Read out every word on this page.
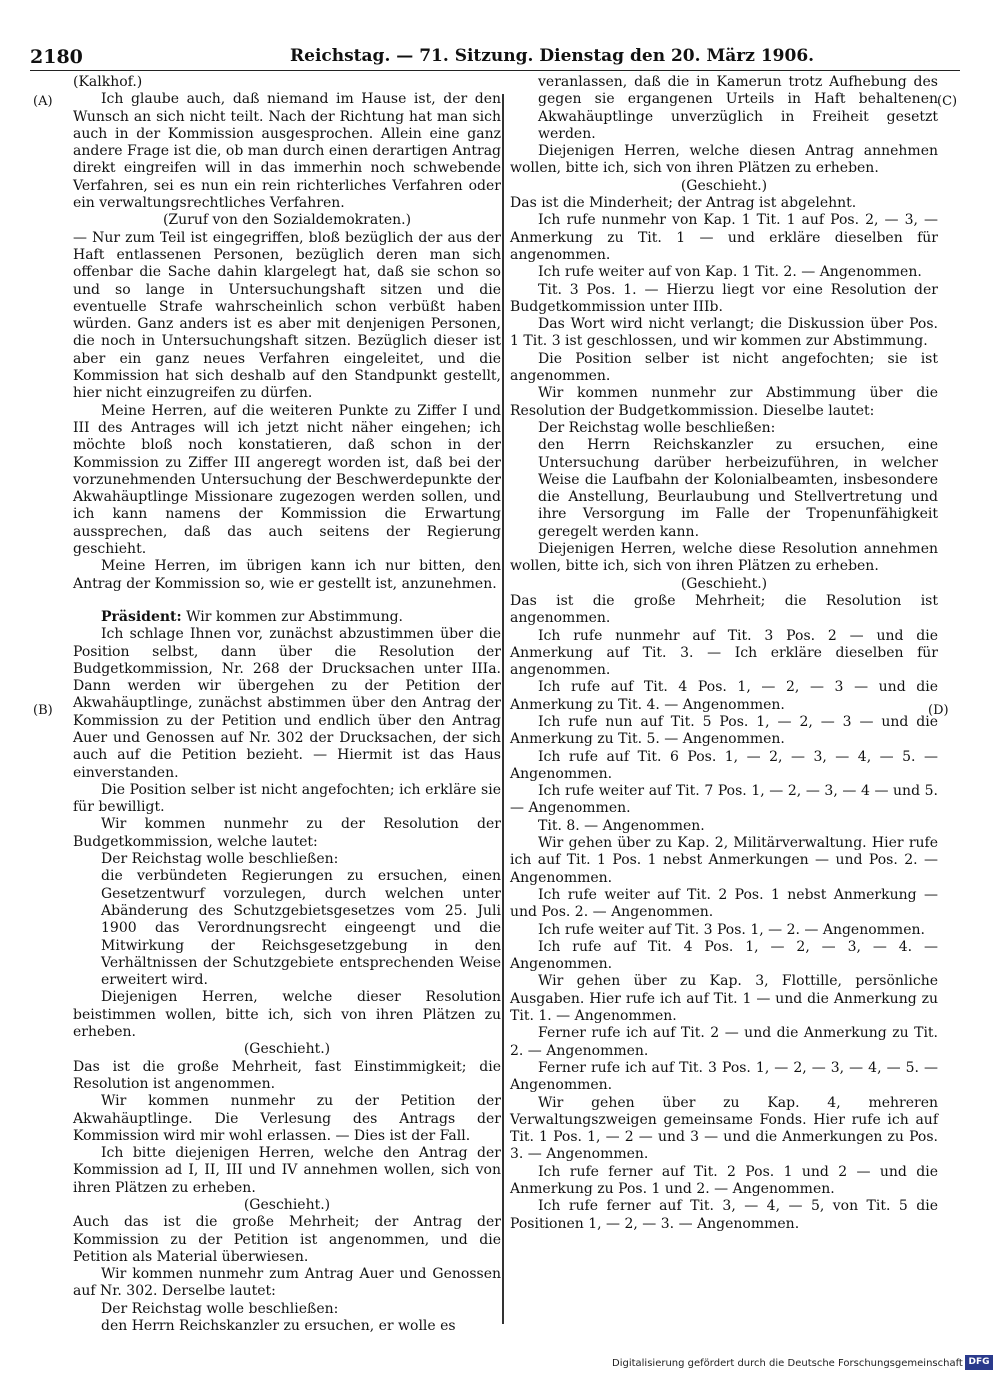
2180	Reichstag. — 71. Sitzung. Dienstag den 20. März 1906.
(A)
(B)
(C)
(D)

(Kalkhof.)

Ich glaube auch, daß niemand im Hause ist, der den Wunsch an sich nicht teilt. Nach der Richtung hat man sich auch in der Kommission ausgesprochen. Allein eine ganz andere Frage ist die, ob man durch einen derartigen Antrag direkt eingreifen will in das immerhin noch schwebende Verfahren, sei es nun ein rein richterliches Verfahren oder ein verwaltungsrechtliches Verfahren.

(Zuruf von den Sozialdemokraten.)

— Nur zum Teil ist eingegriffen, bloß bezüglich der aus der Haft entlassenen Personen, bezüglich deren man sich offenbar die Sache dahin klargelegt hat, daß sie schon so und so lange in Untersuchungshaft sitzen und die eventuelle Strafe wahrscheinlich schon verbüßt haben würden. Ganz anders ist es aber mit denjenigen Personen, die noch in Untersuchungshaft sitzen. Bezüglich dieser ist aber ein ganz neues Verfahren eingeleitet, und die Kommission hat sich deshalb auf den Standpunkt gestellt, hier nicht einzugreifen zu dürfen.

Meine Herren, auf die weiteren Punkte zu Ziffer I und III des Antrages will ich jetzt nicht näher eingehen; ich möchte bloß noch konstatieren, daß schon in der Kommission zu Ziffer III angeregt worden ist, daß bei der vorzunehmenden Untersuchung der Beschwerdepunkte der Akwahäuptlinge Missionare zugezogen werden sollen, und ich kann namens der Kommission die Erwartung aussprechen, daß das auch seitens der Regierung geschieht.

Meine Herren, im übrigen kann ich nur bitten, den Antrag der Kommission so, wie er gestellt ist, anzunehmen.

Präsident: Wir kommen zur Abstimmung.

Ich schlage Ihnen vor, zunächst abzustimmen über die Position selbst, dann über die Resolution der Budgetkommission, Nr. 268 der Drucksachen unter IIIa. Dann werden wir übergehen zu der Petition der Akwahäuptlinge, zunächst abstimmen über den Antrag der Kommission zu der Petition und endlich über den Antrag Auer und Genossen auf Nr. 302 der Drucksachen, der sich auch auf die Petition bezieht. — Hiermit ist das Haus einverstanden.

Die Position selber ist nicht angefochten; ich erkläre sie für bewilligt.

Wir kommen nunmehr zu der Resolution der Budgetkommission, welche lautet:

Der Reichstag wolle beschließen:

die verbündeten Regierungen zu ersuchen, einen Gesetzentwurf vorzulegen, durch welchen unter Abänderung des Schutzgebietsgesetzes vom 25. Juli 1900 das Verordnungsrecht eingeengt und die Mitwirkung der Reichsgesetzgebung in den Verhältnissen der Schutzgebiete entsprechenden Weise erweitert wird.

Diejenigen Herren, welche dieser Resolution beistimmen wollen, bitte ich, sich von ihren Plätzen zu erheben.

(Geschieht.)

Das ist die große Mehrheit, fast Einstimmigkeit; die Resolution ist angenommen.

Wir kommen nunmehr zu der Petition der Akwahäuptlinge. Die Verlesung des Antrags der Kommission wird mir wohl erlassen. — Dies ist der Fall.

Ich bitte diejenigen Herren, welche den Antrag der Kommission ad I, II, III und IV annehmen wollen, sich von ihren Plätzen zu erheben.

(Geschieht.)

Auch das ist die große Mehrheit; der Antrag der Kommission zu der Petition ist angenommen, und die Petition als Material überwiesen.

Wir kommen nunmehr zum Antrag Auer und Genossen auf Nr. 302. Derselbe lautet:

Der Reichstag wolle beschließen:

den Herrn Reichskanzler zu ersuchen, er wolle es

veranlassen, daß die in Kamerun trotz Aufhebung des gegen sie ergangenen Urteils in Haft behaltenen Akwahäuptlinge unverzüglich in Freiheit gesetzt werden.

Diejenigen Herren, welche diesen Antrag annehmen wollen, bitte ich, sich von ihren Plätzen zu erheben.

(Geschieht.)

Das ist die Minderheit; der Antrag ist abgelehnt.

Ich rufe nunmehr von Kap. 1 Tit. 1 auf Pos. 2, — 3, — Anmerkung zu Tit. 1 — und erkläre dieselben für angenommen.

Ich rufe weiter auf von Kap. 1 Tit. 2. — Angenommen.

Tit. 3 Pos. 1. — Hierzu liegt vor eine Resolution der Budgetkommission unter IIIb.

Das Wort wird nicht verlangt; die Diskussion über Pos. 1 Tit. 3 ist geschlossen, und wir kommen zur Abstimmung.

Die Position selber ist nicht angefochten; sie ist angenommen.

Wir kommen nunmehr zur Abstimmung über die Resolution der Budgetkommission. Dieselbe lautet:

Der Reichstag wolle beschließen:

den Herrn Reichskanzler zu ersuchen, eine Untersuchung darüber herbeizuführen, in welcher Weise die Laufbahn der Kolonialbeamten, insbesondere die Anstellung, Beurlaubung und Stellvertretung und ihre Versorgung im Falle der Tropenunfähigkeit geregelt werden kann.

Diejenigen Herren, welche diese Resolution annehmen wollen, bitte ich, sich von ihren Plätzen zu erheben.

(Geschieht.)

Das ist die große Mehrheit; die Resolution ist angenommen.

Ich rufe nunmehr auf Tit. 3 Pos. 2 — und die Anmerkung auf Tit. 3. — Ich erkläre dieselben für angenommen.

Ich rufe auf Tit. 4 Pos. 1, — 2, — 3 — und die Anmerkung zu Tit. 4. — Angenommen.

Ich rufe nun auf Tit. 5 Pos. 1, — 2, — 3 — und die Anmerkung zu Tit. 5. — Angenommen.

Ich rufe auf Tit. 6 Pos. 1, — 2, — 3, — 4, — 5. — Angenommen.

Ich rufe weiter auf Tit. 7 Pos. 1, — 2, — 3, — 4 — und 5. — Angenommen.

Tit. 8. — Angenommen.

Wir gehen über zu Kap. 2, Militärverwaltung. Hier rufe ich auf Tit. 1 Pos. 1 nebst Anmerkungen — und Pos. 2. — Angenommen.

Ich rufe weiter auf Tit. 2 Pos. 1 nebst Anmerkung — und Pos. 2. — Angenommen.

Ich rufe weiter auf Tit. 3 Pos. 1, — 2. — Angenommen.

Ich rufe auf Tit. 4 Pos. 1, — 2, — 3, — 4. — Angenommen.

Wir gehen über zu Kap. 3, Flottille, persönliche Ausgaben. Hier rufe ich auf Tit. 1 — und die Anmerkung zu Tit. 1. — Angenommen.

Ferner rufe ich auf Tit. 2 — und die Anmerkung zu Tit. 2. — Angenommen.

Ferner rufe ich auf Tit. 3 Pos. 1, — 2, — 3, — 4, — 5. — Angenommen.

Wir gehen über zu Kap. 4, mehreren Verwaltungszweigen gemeinsame Fonds. Hier rufe ich auf Tit. 1 Pos. 1, — 2 — und 3 — und die Anmerkungen zu Pos. 3. — Angenommen.

Ich rufe ferner auf Tit. 2 Pos. 1 und 2 — und die Anmerkung zu Pos. 1 und 2. — Angenommen.

Ich rufe ferner auf Tit. 3, — 4, — 5, von Tit. 5 die Positionen 1, — 2, — 3. — Angenommen.

Digitalisierung gefördert durch die Deutsche Forschungsgemeinschaft DFG
